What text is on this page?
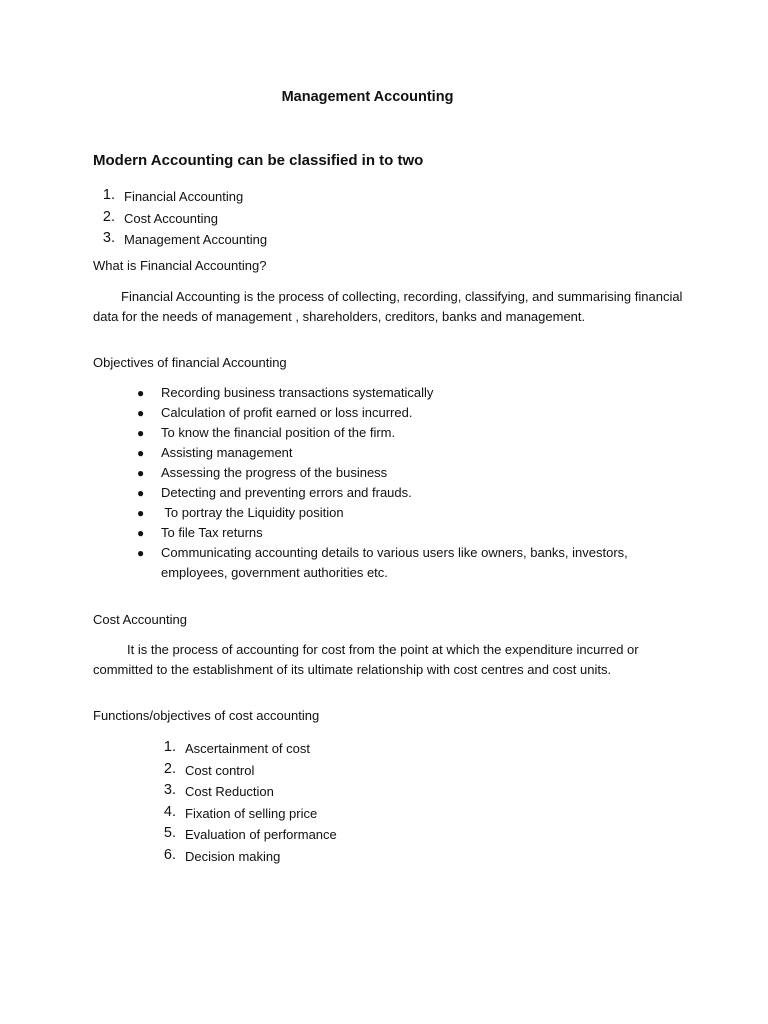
Management Accounting
Modern Accounting can be classified in to two
1. Financial Accounting
2. Cost Accounting
3. Management Accounting
What is Financial Accounting?

Financial Accounting is the process of collecting, recording, classifying, and summarising financial data for the needs of management , shareholders, creditors, banks and management.

Objectives of financial Accounting
●	Recording business transactions systematically
●	Calculation of profit earned or loss incurred.
●	To know the financial position of the firm.
●	Assisting management
●	Assessing the progress of the business
●	Detecting and preventing errors and frauds.
●	To portray the Liquidity position
●	To file Tax returns
●	Communicating accounting details to various users like owners, banks, investors, employees, government authorities etc.
Cost Accounting

It is the process of accounting for cost from the point at which the expenditure incurred or committed to the establishment of its ultimate relationship with cost centres and cost units.

Functions/objectives of cost accounting
1. Ascertainment of cost
2. Cost control
3. Cost Reduction
4. Fixation of selling price
5. Evaluation of performance
6. Decision making
